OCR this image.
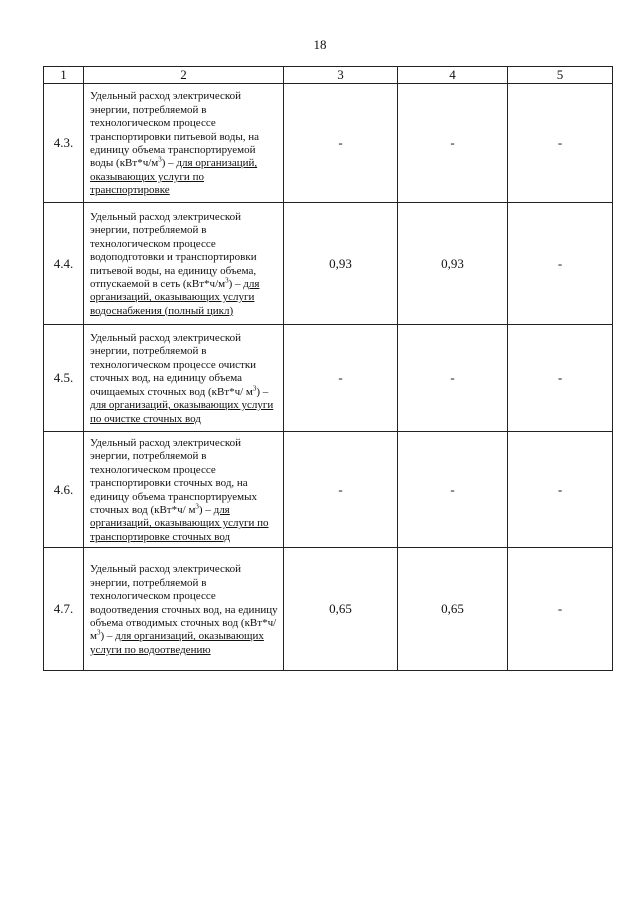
18
1	2	3	4	5
4.3.	Удельный расход электрической энергии, потребляемой в технологическом процессе транспортировки питьевой воды, на единицу объема транспортируемой воды $(кВт*ч/м^3)$ – для организаций, оказывающих услуги по транспортировке	-	-	-
4.4.	Удельный расход электрической энергии, потребляемой в технологическом процессе водоподготовки и транспортировки питьевой воды, на единицу объема, отпускаемой в сеть $(кВт*ч/м^3)$ – для организаций, оказывающих услуги водоснабжения (полный цикл)	0,93	0,93	-
4.5.	Удельный расход электрической энергии, потребляемой в технологическом процессе очистки сточных вод, на единицу объема очищаемых сточных вод (кВт*ч/ $м^3$) – для организаций, оказывающих услуги по очистке сточных вод	-	-	-
4.6.	Удельный расход электрической энергии, потребляемой в технологическом процессе транспортировки сточных вод, на единицу объема транспортируемых сточных вод (кВт*ч/ $м^3$) – для организаций, оказывающих услуги по транспортировке сточных вод	-	-	-
4.7.	Удельный расход электрической энергии, потребляемой в технологическом процессе водоотведения сточных вод, на единицу объема отводимых сточных вод (кВт*ч/ $м^3$) – для организаций, оказывающих услуги по водоотведению	0,65	0,65	-
